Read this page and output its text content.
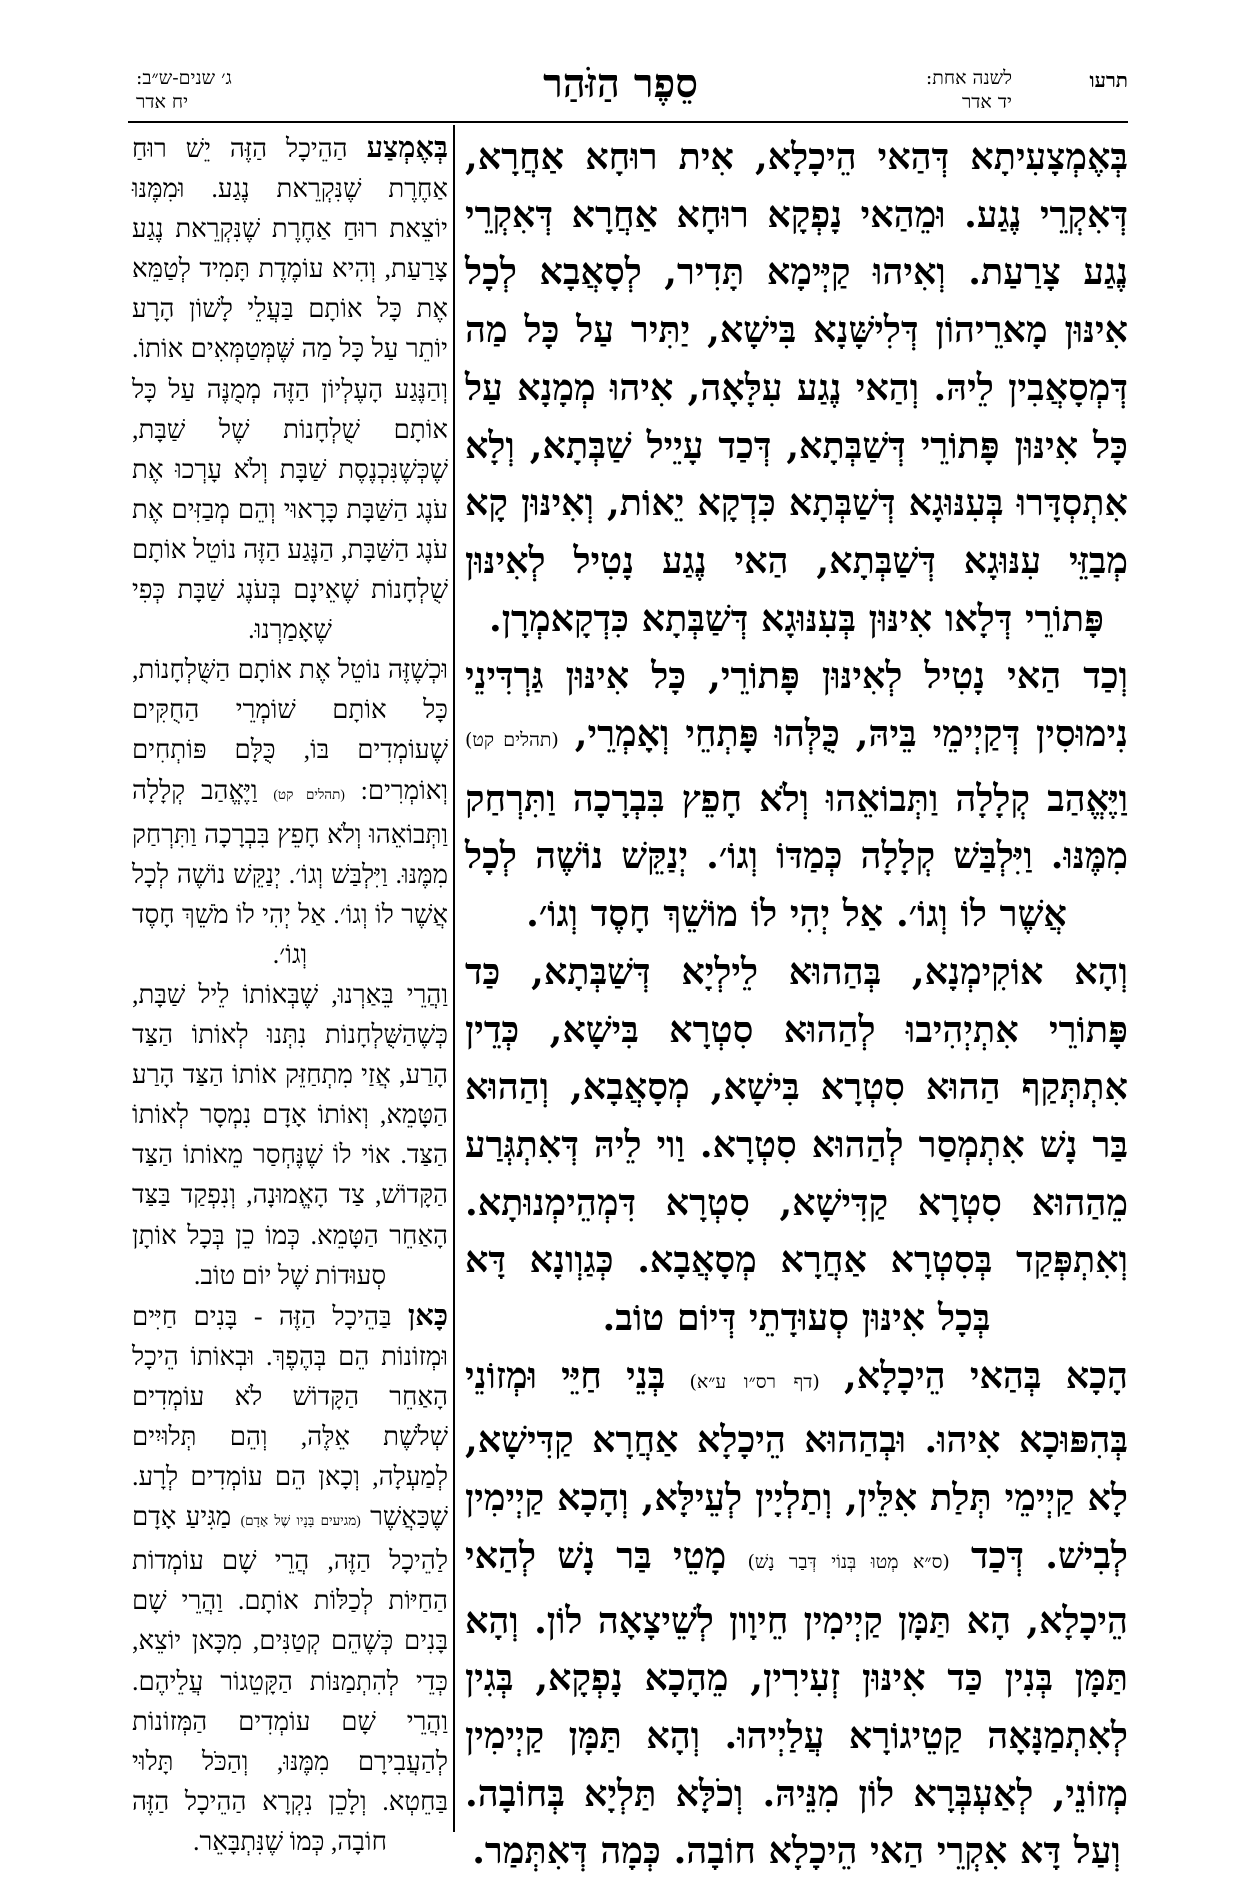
תרעו
לשנה אחת:
יד אדר
סֵפֶר הַזֹּהַר
ג׳ שנים-ש״ב:
יח אדר

בְּאֶמְצָעִיתָא דְּהַאי הֵיכָלָא, אִית רוּחָא אַחֲרָא, דְּאִקְרֵי נֶגַע. וּמֵהַאי נָפְקָא רוּחָא אַחֲרָא דְּאִקְרֵי נֶגַע צָרַעַת. וְאִיהוּ קַיְּימָא תָּדִיר, לְסָאֲבָא לְכָל אִינּוּן מָארֵיהוֹן דְּלִישָּׁנָא בִּישָׁא, יַתִּיר עַל כָּל מַה דְּמְסָאֲבִין לֵיהּ. וְהַאי נֶגַע עִלָּאָה, אִיהוּ מְמָנָא עַל כָּל אִינּוּן פָּתוֹרֵי דְּשַׁבְּתָא, דְּכַד עָיֵיל שַׁבְּתָא, וְלָא אִתְסְדָּרוּ בְּעִנּוּגָא דְּשַׁבְּתָא כִּדְקָא יֵאוֹת, וְאִינּוּן קָא מְבַזֵּי עִנּוּגָא דְּשַׁבְּתָא, הַאי נֶגַע נָטִיל לְאִינּוּן פָּתוֹרֵי דְּלָאו אִינּוּן בְּעִנּוּגָא דְּשַׁבְּתָא כִּדְקָאמְרָן.

וְכַד הַאי נָטִיל לְאִינּוּן פָּתוֹרֵי, כָּל אִינּוּן גַּרְדִּינֵי נִימוּסִין דְּקַיְימֵי בֵּיהּ, כֻּלְּהוּ פָּתְחֵי וְאָמְרֵי, (תהלים קט) וַיֶּאֱהַב קְלָלָה וַתְּבוֹאֵהוּ וְלֹא חָפֵץ בִּבְרָכָה וַתִּרְחַק מִמֶּנּוּ. וַיִּלְבַּשׁ קְלָלָה כְּמַדּוֹ וְגוֹ׳. יְנַקֵּשׁ נוֹשֶׁה לְכָל אֲשֶׁר לוֹ וְגוֹ׳. אַל יְהִי לוֹ מוֹשֵׁךְ חָסֶד וְגוֹ׳.

וְהָא אוֹקִימְנָא, בְּהַהוּא לֵילְיָא דְּשַׁבְּתָא, כַּד פָּתוֹרֵי אִתְיְהִיבוּ לְהַהוּא סִטְרָא בִּישָׁא, כְּדֵין אִתְתְּקַף הַהוּא סִטְרָא בִּישָׁא, מְסָאֲבָא, וְהַהוּא בַּר נָשׁ אִתְמְסַר לְהַהוּא סִטְרָא. וַוי לֵיהּ דְּאִתְגְּרַע מֵהַהוּא סִטְרָא קַדִּישָׁא, סִטְרָא דִּמְהֵימְנוּתָא. וְאִתְפְּקַד בְּסִטְרָא אַחֲרָא מְסָאֲבָא. כְּגַוְונָא דָּא בְּכָל אִינּוּן סְעוּדָתֵי דְּיוֹם טוֹב.

הָכָא בְּהַאי הֵיכָלָא, (דף רס״ו ע״א) בְּנֵי חַיֵּי וּמְזוֹנֵי בְּהִפּוּכָא אִיהוּ. וּבְהַהוּא הֵיכָלָא אַחֲרָא קַדִּישָׁא, לָא קַיְימֵי תְּלַת אִלֵּין, וְתַלְיָין לְעֵילָּא, וְהָכָא קַיְימִין לְבִישׁ. דְּכַד (ס״א מְטוּ בְּנוֹי דְּבַר נָשׁ) מָטֵי בַּר נָשׁ לְהַאי הֵיכָלָא, הָא תַּמָּן קַיְימִין חֵיוָון לְשֵׁיצָאָה לוֹן. וְהָא תַּמָּן בְּנִין כַּד אִינּוּן זְעִירִין, מֵהָכָא נָפְקָא, בְּגִין לְאִתְמַנָּאָה קַטֵיגוֹרָא עֲלַיְיהוּ. וְהָא תַּמָּן קַיְימִין מְזוֹנֵי, לְאַעְבְּרָא לוֹן מִנֵּיהּ. וְכֹלָּא תַּלְיָא בְּחוֹבָה. וְעַל דָּא אִקְרֵי הַאי הֵיכָלָא חוֹבָה. כְּמָה דְּאִתְּמַר.

בְּאֶמְצַע הַהֵיכָל הַזֶּה יֵשׁ רוּחַ אַחֶרֶת שֶׁנִּקְרֵאת נֶגַע. וּמִמֶּנּוּ יוֹצֵאת רוּחַ אַחֶרֶת שֶׁנִּקְרֵאת נֶגַע צָרַעַת, וְהִיא עוֹמֶדֶת תָּמִיד לְטַמֵּא אֶת כָּל אוֹתָם בַּעֲלֵי לָשׁוֹן הָרָע יוֹתֵר עַל כָּל מַה שֶּׁמְּטַמְּאִים אוֹתוֹ. וְהַנֶּגַע הָעֶלְיוֹן הַזֶּה מְמֻנֶּה עַל כָּל אוֹתָם שֻׁלְחָנוֹת שֶׁל שַׁבָּת, שֶׁכְּשֶׁנִּכְנֶסֶת שַׁבָּת וְלֹא עָרְכוּ אֶת עֹנֶג הַשַּׁבָּת כָּרָאוּי וְהֵם מְבַזִּים אֶת עֹנֶג הַשַּׁבָּת, הַנֶּגַע הַזֶּה נוֹטֵל אוֹתָם שֻׁלְחָנוֹת שֶׁאֵינָם בְּעֹנֶג שַׁבָּת כְּפִי שֶׁאָמַרְנוּ.

וּכְשֶׁזֶּה נוֹטֵל אֶת אוֹתָם הַשֻּׁלְחָנוֹת, כָּל אוֹתָם שׁוֹמְרֵי הַחֻקִּים שֶׁעוֹמְדִים בּוֹ, כֻּלָּם פּוֹתְחִים וְאוֹמְרִים: (תהלים קט) וַיֶּאֱהַב קְלָלָה וַתְּבוֹאֵהוּ וְלֹא חָפֵץ בִּבְרָכָה וַתִּרְחַק מִמֶּנּוּ. וַיִּלְבַּשׁ וְגוֹ׳. יְנַקֵּשׁ נוֹשֶׁה לְכָל אֲשֶׁר לוֹ וְגוֹ׳. אַל יְהִי לוֹ מֹשֵׁךְ חָסֶד וְגוֹ׳.

וַהֲרֵי בֵּאַרְנוּ, שֶׁבְּאוֹתוֹ לֵיל שַׁבָּת, כְּשֶׁהַשֻּׁלְחָנוֹת נִתְּנוּ לְאוֹתוֹ הַצַּד הָרַע, אֲזַי מִתְחַזֵּק אוֹתוֹ הַצַּד הָרַע הַטָּמֵא, וְאוֹתוֹ אָדָם נִמְסָר לְאוֹתוֹ הַצַּד. אוֹי לוֹ שֶׁנֶּחְסַר מֵאוֹתוֹ הַצַּד הַקָּדוֹשׁ, צַד הָאֱמוּנָה, וְנִפְקַד בַּצַּד הָאַחֵר הַטָּמֵא. כְּמוֹ כֵן בְּכָל אוֹתָן סְעוּדוֹת שֶׁל יוֹם טוֹב.

כָּאן בַּהֵיכָל הַזֶּה - בָּנִים חַיִּים וּמְזוֹנוֹת הֵם בְּהֶפֶךְ. וּבְאוֹתוֹ הֵיכָל הָאַחֵר הַקָּדוֹשׁ לֹא עוֹמְדִים שְׁלֹשֶׁת אֵלֶּה, וְהֵם תְּלוּיִים לְמַעְלָה, וְכָאן הֵם עוֹמְדִים לְרָע. שֶׁכַּאֲשֶׁר (מגיעים בָּנָיו שֶׁל אָדָם) מַגִּיעַ אָדָם לַהֵיכָל הַזֶּה, הֲרֵי שָׁם עוֹמְדוֹת הַחַיּוֹת לְכַלּוֹת אוֹתָם. וַהֲרֵי שָׁם בָּנִים כְּשֶׁהֵם קְטַנִּים, מִכָּאן יוֹצֵא, כְּדֵי לְהִתְמַנּוֹת הַקָּטֵגוֹר עֲלֵיהֶם. וַהֲרֵי שָׁם עוֹמְדִים הַמְּזוֹנוֹת לְהַעֲבִירָם מִמֶּנּוּ, וְהַכֹּל תָּלוּי בַּחֵטְא. וְלָכֵן נִקְרָא הַהֵיכָל הַזֶּה חוֹבָה, כְּמוֹ שֶׁנִּתְבָּאֵר.
